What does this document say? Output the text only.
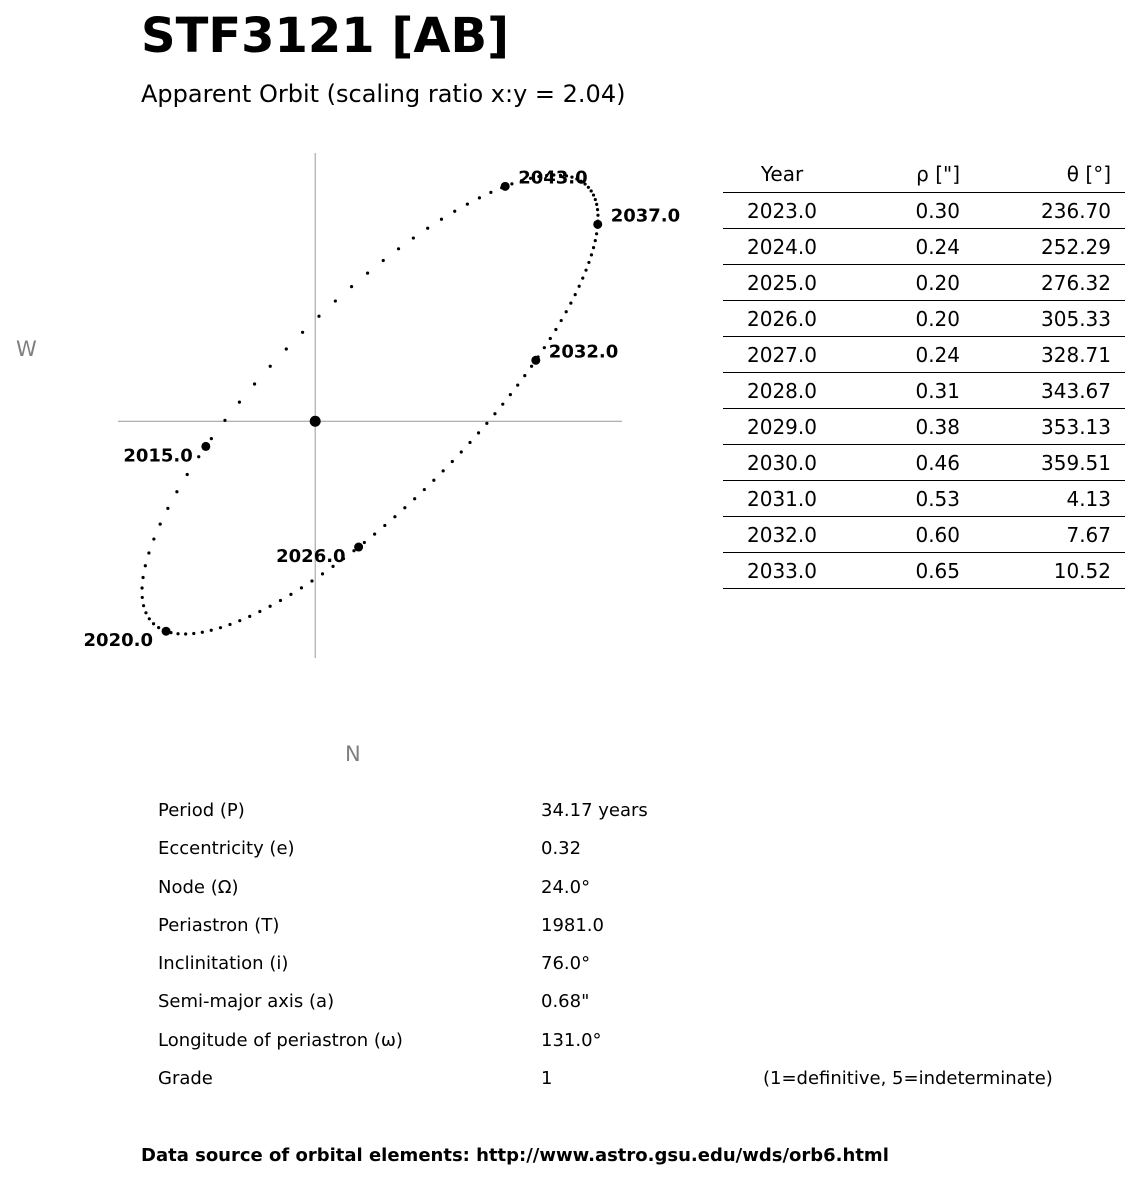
STF3121 [AB]
Apparent Orbit (scaling ratio x:y = 2.04)
2015.0
2020.0
2026.0
2032.0
2037.0
2043.0
W
N
Year	ρ ["]	θ [°]
2023.0	0.30	236.70
2024.0	0.24	252.29
2025.0	0.20	276.32
2026.0	0.20	305.33
2027.0	0.24	328.71
2028.0	0.31	343.67
2029.0	0.38	353.13
2030.0	0.46	359.51
2031.0	0.53	4.13
2032.0	0.60	7.67
2033.0	0.65	10.52
Period (P)	34.17 years
Eccentricity (e)	0.32
Node (Ω)	24.0°
Periastron (T)	1981.0
Inclinitation (i)	76.0°
Semi-major axis (a)	0.68"
Longitude of periastron (ω)	131.0°
Grade	1	(1=definitive, 5=indeterminate)
Data source of orbital elements: http://www.astro.gsu.edu/wds/orb6.html
